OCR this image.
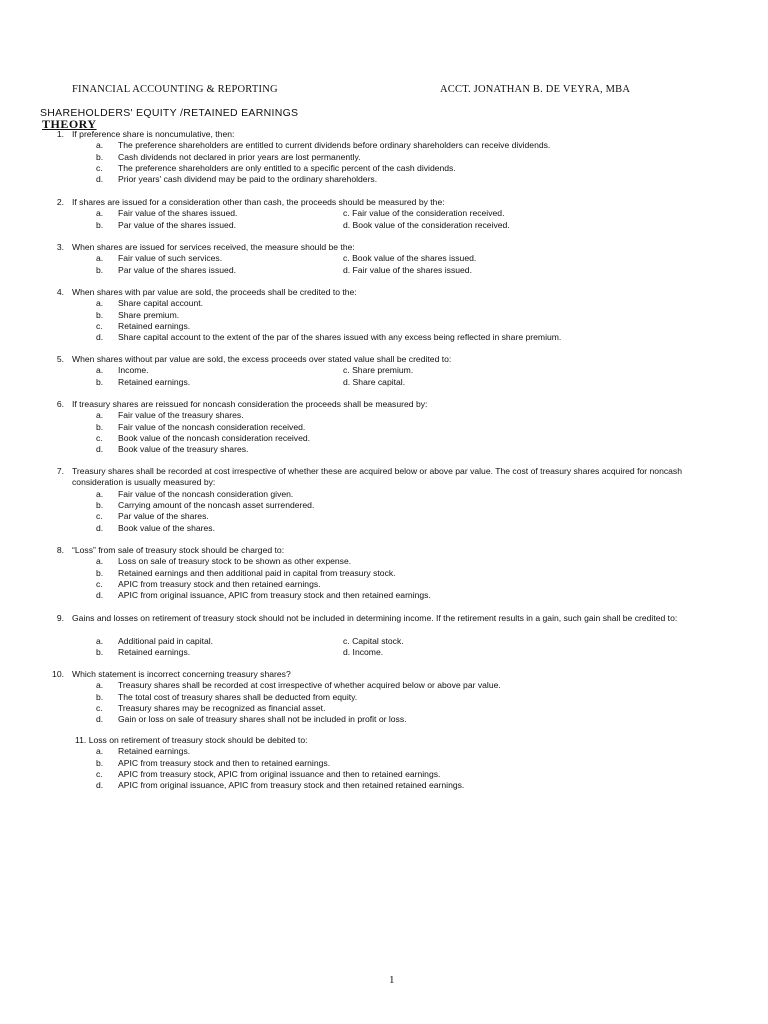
FINANCIAL ACCOUNTING & REPORTING	ACCT. JONATHAN B. DE VEYRA, MBA
SHAREHOLDERS' EQUITY /RETAINED EARNINGS
THEORY
1. If preference share is noncumulative, then:
a. The preference shareholders are entitled to current dividends before ordinary shareholders can receive dividends.
b. Cash dividends not declared in prior years are lost permanently.
c. The preference shareholders are only entitled to a specific percent of the cash dividends.
d. Prior years' cash dividend may be paid to the ordinary shareholders.
2. If shares are issued for a consideration other than cash, the proceeds should be measured by the:
a. Fair value of the shares issued.	c. Fair value of the consideration received.
b. Par value of the shares issued.	d. Book value of the consideration received.
3. When shares are issued for services received, the measure should be the:
a. Fair value of such services.	c. Book value of the shares issued.
b. Par value of the shares issued.	d. Fair value of the shares issued.
4. When shares with par value are sold, the proceeds shall be credited to the:
a. Share capital account.
b. Share premium.
c. Retained earnings.
d. Share capital account to the extent of the par of the shares issued with any excess being reflected in share premium.
5. When shares without par value are sold, the excess proceeds over stated value shall be credited to:
a. Income.	c. Share premium.
b. Retained earnings.	d. Share capital.
6. If treasury shares are reissued for noncash consideration the proceeds shall be measured by:
a. Fair value of the treasury shares.
b. Fair value of the noncash consideration received.
c. Book value of the noncash consideration received.
d. Book value of the treasury shares.
7. Treasury shares shall be recorded at cost irrespective of whether these are acquired below or above par value. The cost of treasury shares acquired for noncash consideration is usually measured by:
a. Fair value of the noncash consideration given.
b. Carrying amount of the noncash asset surrendered.
c. Par value of the shares.
d. Book value of the shares.
8. “Loss” from sale of treasury stock should be charged to:
a. Loss on sale of treasury stock to be shown as other expense.
b. Retained earnings and then additional paid in capital from treasury stock.
c. APIC from treasury stock and then retained earnings.
d. APIC from original issuance, APIC from treasury stock and then retained earnings.
9. Gains and losses on retirement of treasury stock should not be included in determining income. If the retirement results in a gain, such gain shall be credited to:
a. Additional paid in capital.	c. Capital stock.
b. Retained earnings.	d. Income.
10. Which statement is incorrect concerning treasury shares?
a. Treasury shares shall be recorded at cost irrespective of whether acquired below or above par value.
b. The total cost of treasury shares shall be deducted from equity.
c. Treasury shares may be recognized as financial asset.
d. Gain or loss on sale of treasury shares shall not be included in profit or loss.
11. Loss on retirement of treasury stock should be debited to:
a. Retained earnings.
b. APIC from treasury stock and then to retained earnings.
c. APIC from treasury stock, APIC from original issuance and then to retained earnings.
d. APIC from original issuance, APIC from treasury stock and then retained retained earnings.
1
